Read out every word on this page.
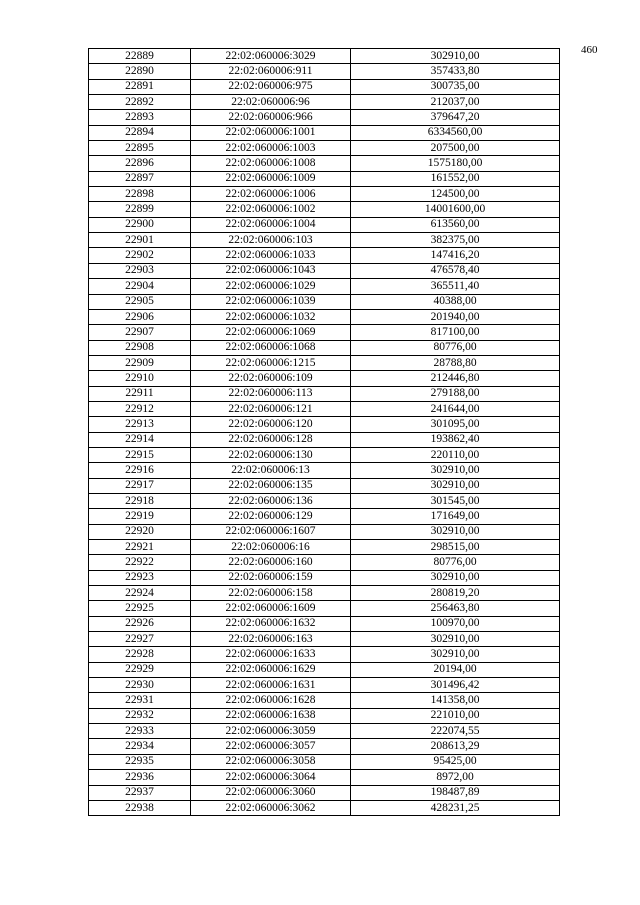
460
22889	22:02:060006:3029	302910,00
22890	22:02:060006:911	357433,80
22891	22:02:060006:975	300735,00
22892	22:02:060006:96	212037,00
22893	22:02:060006:966	379647,20
22894	22:02:060006:1001	6334560,00
22895	22:02:060006:1003	207500,00
22896	22:02:060006:1008	1575180,00
22897	22:02:060006:1009	161552,00
22898	22:02:060006:1006	124500,00
22899	22:02:060006:1002	14001600,00
22900	22:02:060006:1004	613560,00
22901	22:02:060006:103	382375,00
22902	22:02:060006:1033	147416,20
22903	22:02:060006:1043	476578,40
22904	22:02:060006:1029	365511,40
22905	22:02:060006:1039	40388,00
22906	22:02:060006:1032	201940,00
22907	22:02:060006:1069	817100,00
22908	22:02:060006:1068	80776,00
22909	22:02:060006:1215	28788,80
22910	22:02:060006:109	212446,80
22911	22:02:060006:113	279188,00
22912	22:02:060006:121	241644,00
22913	22:02:060006:120	301095,00
22914	22:02:060006:128	193862,40
22915	22:02:060006:130	220110,00
22916	22:02:060006:13	302910,00
22917	22:02:060006:135	302910,00
22918	22:02:060006:136	301545,00
22919	22:02:060006:129	171649,00
22920	22:02:060006:1607	302910,00
22921	22:02:060006:16	298515,00
22922	22:02:060006:160	80776,00
22923	22:02:060006:159	302910,00
22924	22:02:060006:158	280819,20
22925	22:02:060006:1609	256463,80
22926	22:02:060006:1632	100970,00
22927	22:02:060006:163	302910,00
22928	22:02:060006:1633	302910,00
22929	22:02:060006:1629	20194,00
22930	22:02:060006:1631	301496,42
22931	22:02:060006:1628	141358,00
22932	22:02:060006:1638	221010,00
22933	22:02:060006:3059	222074,55
22934	22:02:060006:3057	208613,29
22935	22:02:060006:3058	95425,00
22936	22:02:060006:3064	8972,00
22937	22:02:060006:3060	198487,89
22938	22:02:060006:3062	428231,25
